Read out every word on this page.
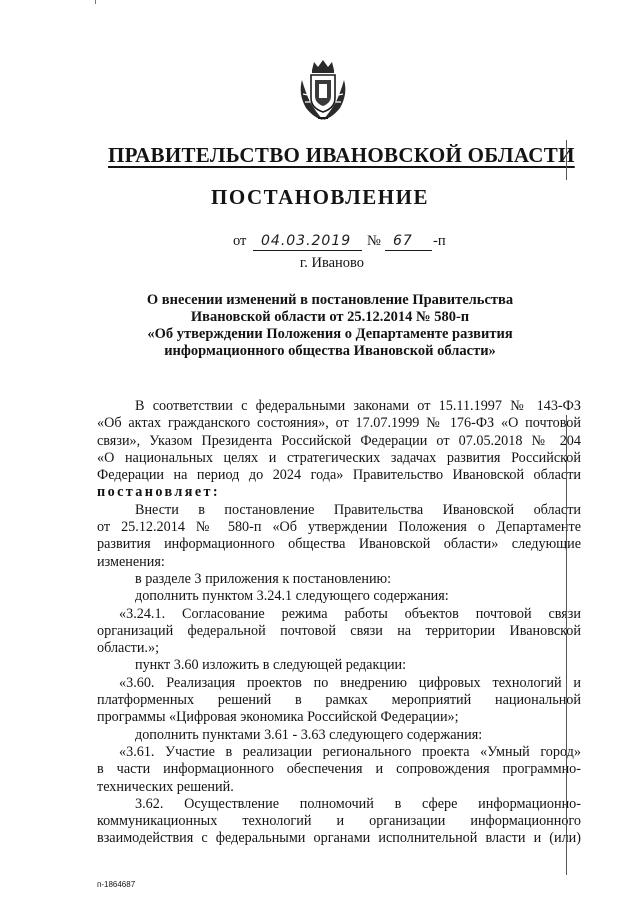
ПРАВИТЕЛЬСТВО ИВАНОВСКОЙ ОБЛАСТИ
ПОСТАНОВЛЕНИЕ
от 04.03.2019 № 67 -п
г. Иваново
О внесении изменений в постановление Правительства
Ивановской области от 25.12.2014 № 580-п
«Об утверждении Положения о Департаменте развития
информационного общества Ивановской области»

В соответствии с федеральными законами от 15.11.1997 № 143-ФЗ

«Об актах гражданского состояния», от 17.07.1999 № 176-ФЗ «О почтовой

связи», Указом Президента Российской Федерации от 07.05.2018 № 204

«О национальных целях и стратегических задачах развития Российской

Федерации на период до 2024 года» Правительство Ивановской области

постановляет:

Внести в постановление Правительства Ивановской области

от 25.12.2014 № 580-п «Об утверждении Положения о Департаменте

развития информационного общества Ивановской области» следующие

изменения:

в разделе 3 приложения к постановлению:

дополнить пунктом 3.24.1 следующего содержания:

«3.24.1. Согласование режима работы объектов почтовой связи

организаций федеральной почтовой связи на территории Ивановской

области.»;

пункт 3.60 изложить в следующей редакции:

«3.60. Реализация проектов по внедрению цифровых технологий и

платформенных решений в рамках мероприятий национальной

программы «Цифровая экономика Российской Федерации»;

дополнить пунктами 3.61 - 3.63 следующего содержания:

«3.61. Участие в реализации регионального проекта «Умный город»

в части информационного обеспечения и сопровождения программно-

технических решений.

3.62. Осуществление полномочий в сфере информационно-

коммуникационных технологий и организации информационного

взаимодействия с федеральными органами исполнительной власти и (или)

п-1864687
